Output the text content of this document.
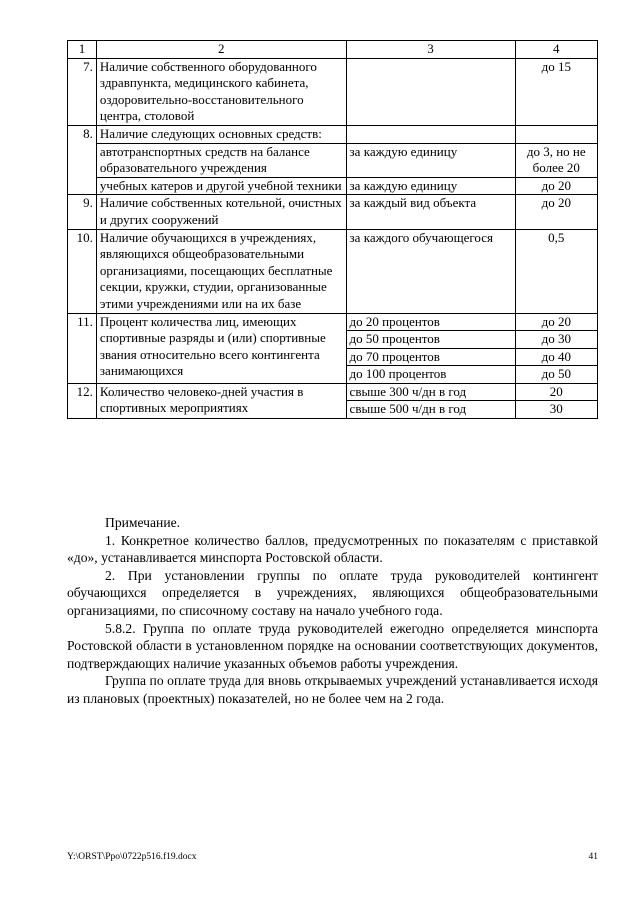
1	2	3	4
7.	Наличие собственного оборудованного здравпункта, медицинского кабинета, оздоровительно-восстановительного центра, столовой		до 15
8.	Наличие следующих основных средств:		
	автотранспортных средств на балансе образовательного учреждения	за каждую единицу	до 3, но не более 20
	учебных катеров и другой учебной техники	за каждую единицу	до 20
9.	Наличие собственных котельной, очистных и других сооружений	за каждый вид объекта	до 20
10.	Наличие обучающихся в учреждениях, являющихся общеобразовательными организациями, посещающих бесплатные секции, кружки, студии, организованные этими учреждениями или на их базе	за каждого обучающегося	0,5
11.	Процент количества лиц, имеющих спортивные разряды и (или) спортивные звания относительно всего контингента занимающихся	до 20 процентов	до 20
		до 50 процентов	до 30
		до 70 процентов	до 40
		до 100 процентов	до 50
12.	Количество человеко-дней участия в спортивных мероприятиях	свыше 300 ч/дн в год	20
		свыше 500 ч/дн в год	30

Примечание.

1. Конкретное количество баллов, предусмотренных по показателям с приставкой «до», устанавливается минспорта Ростовской области.

2. При установлении группы по оплате труда руководителей контингент обучающихся определяется в учреждениях, являющихся общеобразовательными организациями, по списочному составу на начало учебного года.

5.8.2. Группа по оплате труда руководителей ежегодно определяется минспорта Ростовской области в установленном порядке на основании соответствующих документов, подтверждающих наличие указанных объемов работы учреждения.

Группа по оплате труда для вновь открываемых учреждений устанавливается исходя из плановых (проектных) показателей, но не более чем на 2 года.

Y:\ORST\Ppo\0722p516.f19.docx	41
